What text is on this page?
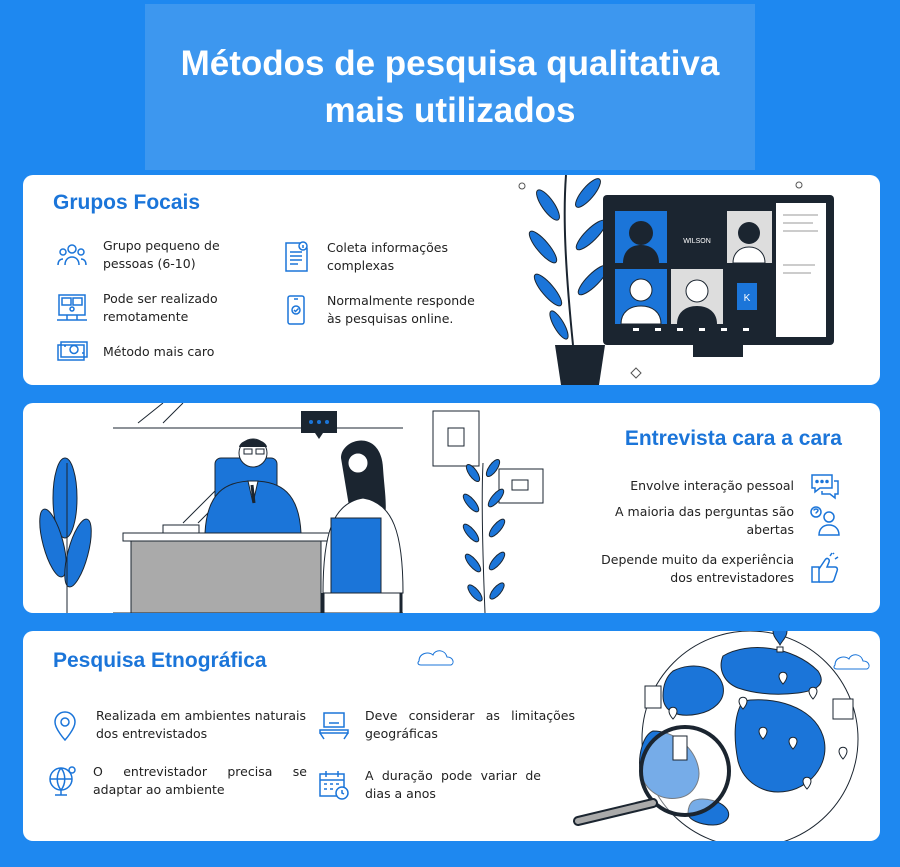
Métodos de pesquisa qualitativa mais utilizados
Grupos Focais
Grupo pequeno de pessoas (6-10)
Pode ser realizado remotamente
Método mais caro
Coleta informações complexas
Normalmente responde às pesquisas online.
WILSON
K
Entrevista cara a cara
Envolve interação pessoal
A maioria das perguntas são abertas
Depende muito da experiência dos entrevistadores
Pesquisa Etnográfica
Realizada em ambientes naturais dos entrevistados
O entrevistador precisa se adaptar ao ambiente
Deve considerar as limitações geográficas
A duração pode variar de dias a anos
